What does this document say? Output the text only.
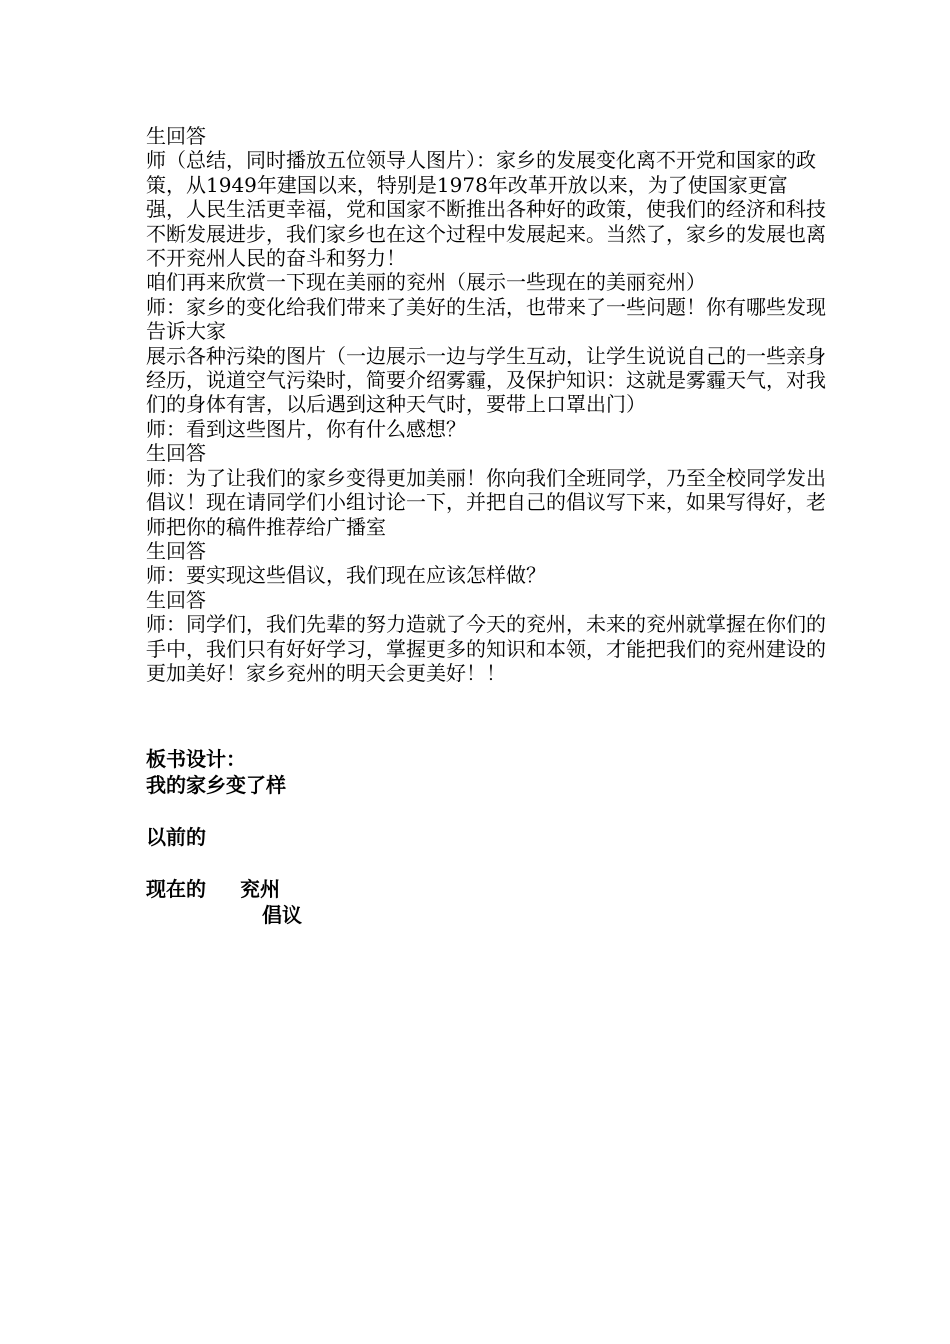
生回答

师（总结，同时播放五位领导人图片）：家乡的发展变化离不开党和国家的政策，从1949年建国以来，特别是1978年改革开放以来，为了使国家更富强，人民生活更幸福，党和国家不断推出各种好的政策，使我们的经济和科技不断发展进步，我们家乡也在这个过程中发展起来。当然了，家乡的发展也离不开兖州人民的奋斗和努力！

咱们再来欣赏一下现在美丽的兖州（展示一些现在的美丽兖州）

师：家乡的变化给我们带来了美好的生活，也带来了一些问题！你有哪些发现告诉大家

展示各种污染的图片（一边展示一边与学生互动，让学生说说自己的一些亲身经历，说道空气污染时，简要介绍雾霾，及保护知识：这就是雾霾天气，对我们的身体有害，以后遇到这种天气时，要带上口罩出门）

师：看到这些图片，你有什么感想？

生回答

师：为了让我们的家乡变得更加美丽！你向我们全班同学，乃至全校同学发出倡议！现在请同学们小组讨论一下，并把自己的倡议写下来，如果写得好，老师把你的稿件推荐给广播室

生回答

师：要实现这些倡议，我们现在应该怎样做？

生回答

师：同学们，我们先辈的努力造就了今天的兖州，未来的兖州就掌握在你们的手中，我们只有好好学习，掌握更多的知识和本领，才能把我们的兖州建设的更加美好！家乡兖州的明天会更美好！！

板书设计：

我的家乡变了样

以前的

现在的 兖州

倡议
